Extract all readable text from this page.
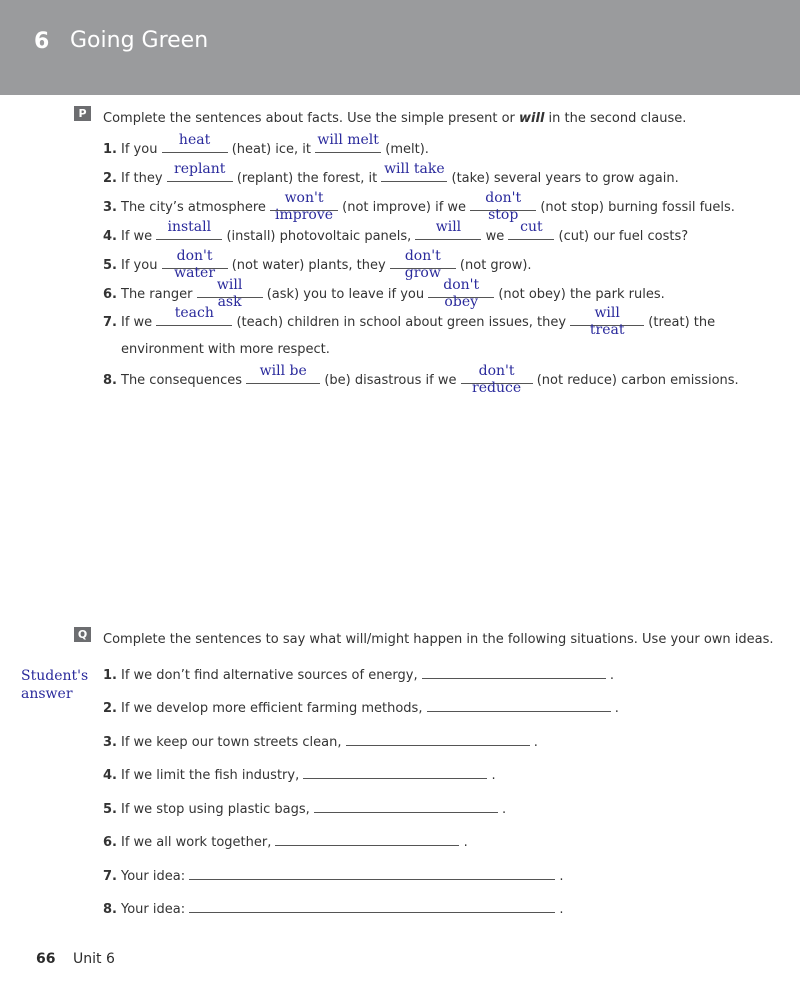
6 Going Green
P	Complete the sentences about facts. Use the simple present or will in the second clause.
1. If you
heat
(heat) ice, it
will melt
(melt).
2. If they
replant
(replant) the forest, it
will take
(take) several years to grow again.
3. The city’s atmosphere
won't
improve (not improve) if we
don't
stop	(not stop) burning fossil fuels.
4. If we
install
(install) photovoltaic panels,
will
we
cut
(cut) our fuel costs?
5. If you
don't
water (not water) plants, they
don't
grow	(not grow).
6. The ranger
will
ask	(ask) you to leave if you
don't
obey	(not obey) the park rules.
7. If we
teach
(teach) children in school about green issues, they
will
treat	(treat) the
environment with more respect.
8. The consequences
will be
(be) disastrous if we
don't
reduce (not reduce) carbon emissions.
Q Complete the sentences to say what will/might happen in the following situations. Use your own ideas.
Student's answer
1. If we don’t find alternative sources of energy,	.
2. If we develop more efficient farming methods,	.
3. If we keep our town streets clean,	.
4. If we limit the fish industry,	.
5. If we stop using plastic bags,	.
6. If we all work together,	.
7. Your idea:	.
8. Your idea:	.
66 Unit 6
